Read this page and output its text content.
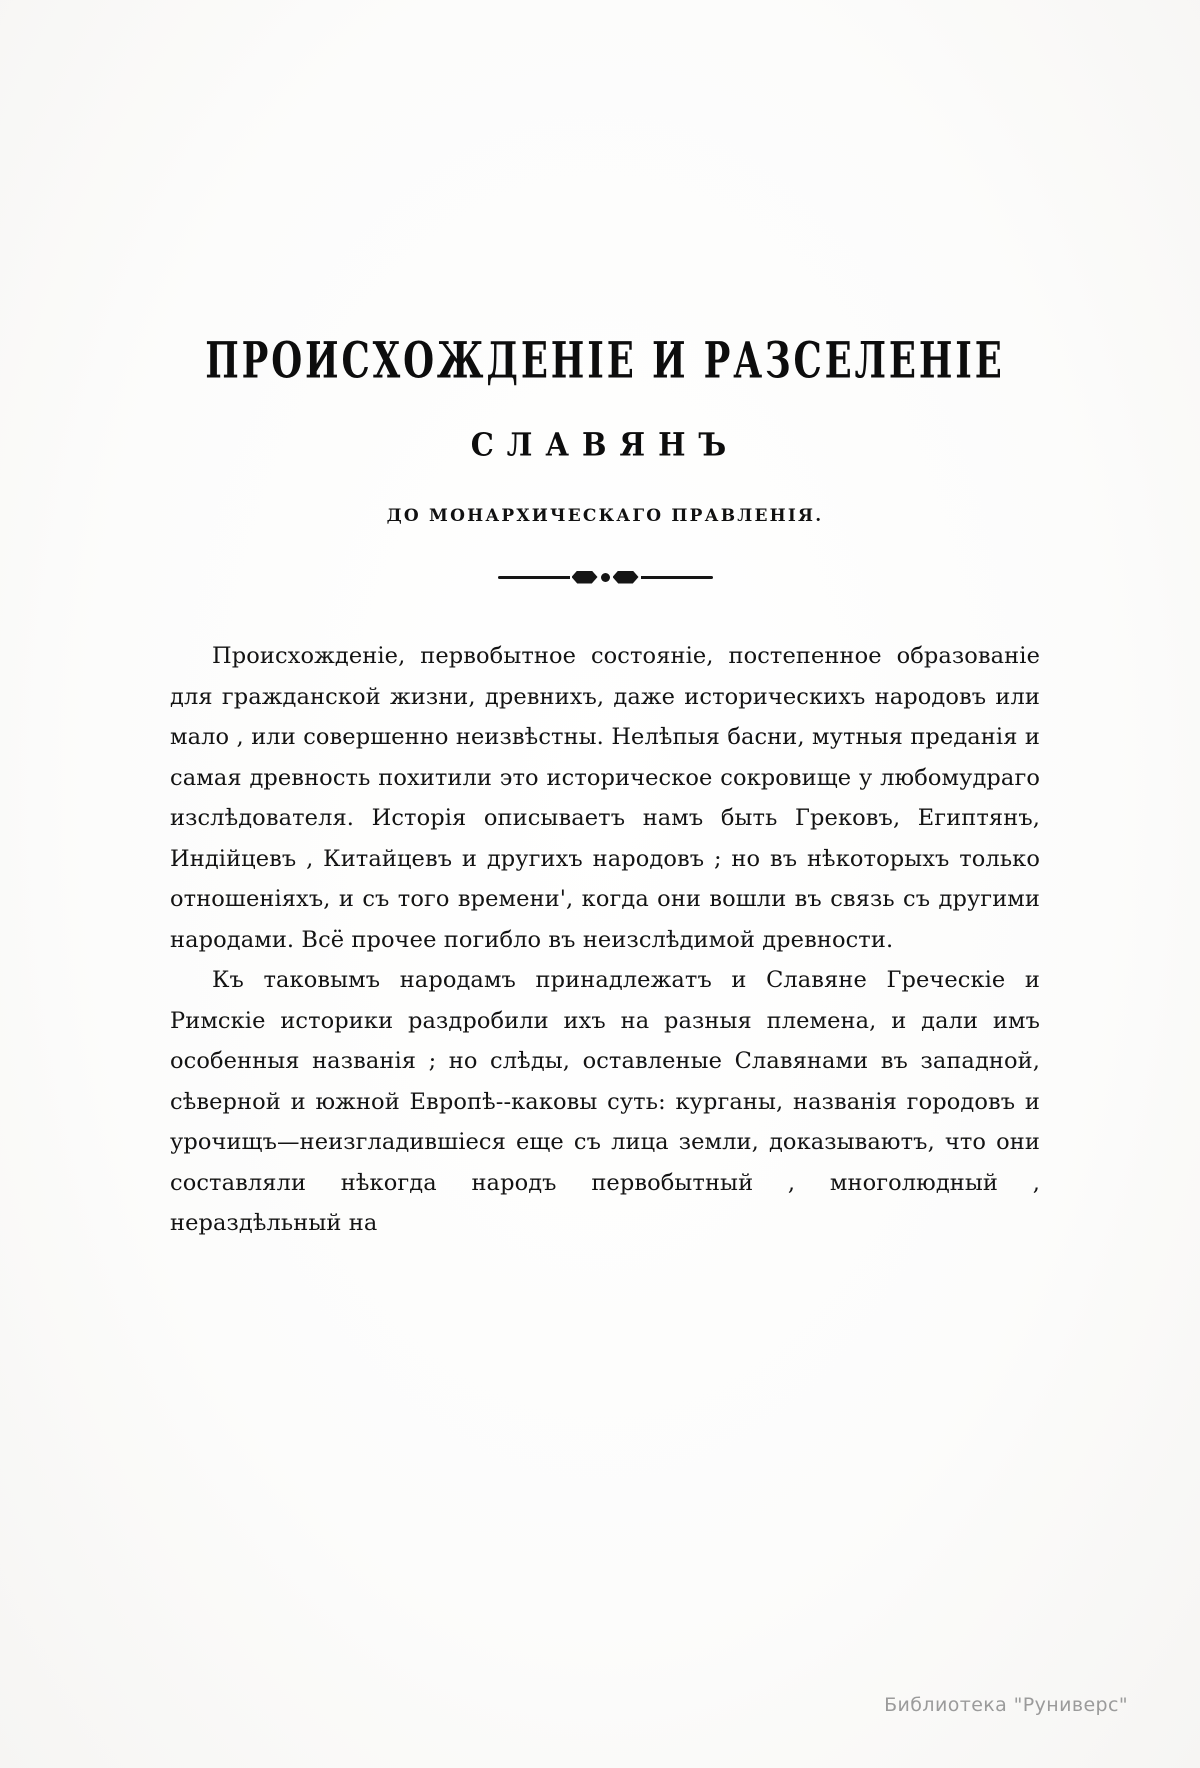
ПРОИСХОЖДЕНІЕ И РАЗСЕЛЕНІЕ
СЛАВЯНЪ
ДО МОНАРХИЧЕСКАГО ПРАВЛЕНІЯ.

Происхожденіе, первобытное состояніе, постепенное образованіе для гражданской жизни, древнихъ, даже историческихъ народовъ или мало , или совершенно неизвѣстны. Нелѣпыя басни, мутныя преданія и самая древность похитили это историческое сокровище у любомудраго изслѣдователя. Исторія описываетъ намъ быть Грековъ, Египтянъ, Индійцевъ , Китайцевъ и другихъ народовъ ; но въ нѣкоторыхъ только отношеніяхъ, и съ того времени', когда они вошли въ связь съ другими народами. Всё прочее погибло въ неизслѣдимой древности.

Къ таковымъ народамъ принадлежатъ и Славяне Греческіе и Римскіе историки раздробили ихъ на разныя племена, и дали имъ особенныя названія ; но слѣды, оставленые Славянами въ западной, сѣверной и южной Европѣ--каковы суть: курганы, названія городовъ и урочищъ—неизгладившіеся еще съ лица земли, доказываютъ, что они составляли нѣкогда народъ первобытный , многолюдный , нераздѣльный на

Библиотека "Руниверс"
